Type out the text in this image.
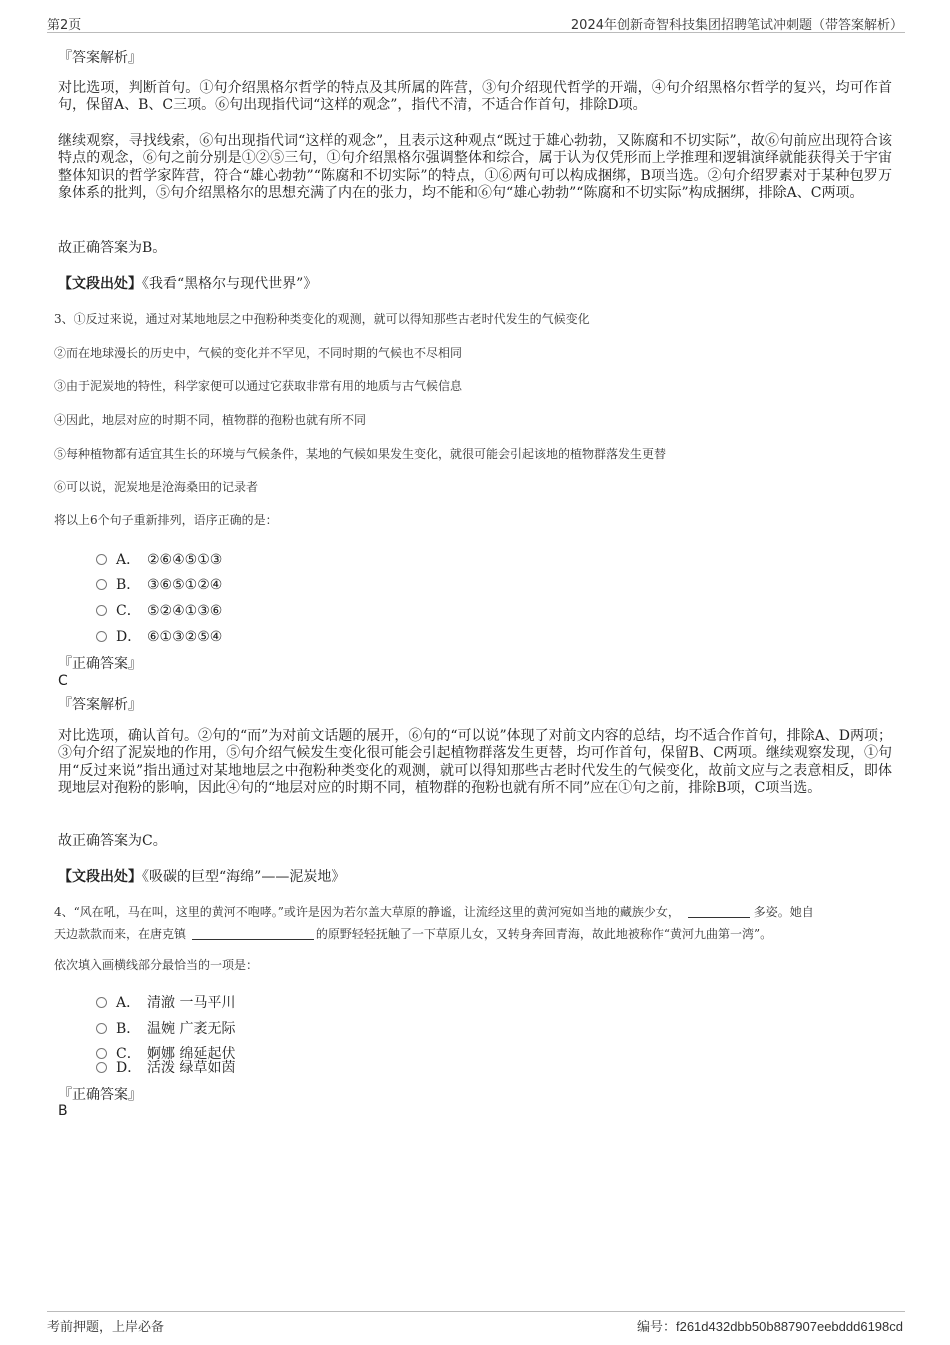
第2页	2024年创新奇智科技集团招聘笔试冲刺题（带答案解析）
『答案解析』
对比选项，判断首句。①句介绍黑格尔哲学的特点及其所属的阵营，③句介绍现代哲学的开端，④句介绍黑格尔哲学的复兴，均可作首句，保留A、B、C三项。⑥句出现指代词“这样的观念”，指代不清，不适合作首句，排除D项。
继续观察，寻找线索，⑥句出现指代词“这样的观念”，且表示这种观点“既过于雄心勃勃，又陈腐和不切实际”，故⑥句前应出现符合该特点的观念，⑥句之前分别是①②⑤三句，①句介绍黑格尔强调整体和综合，属于认为仅凭形而上学推理和逻辑演绎就能获得关于宇宙整体知识的哲学家阵营，符合“雄心勃勃”“陈腐和不切实际”的特点，①⑥两句可以构成捆绑，B项当选。②句介绍罗素对于某种包罗万象体系的批判，⑤句介绍黑格尔的思想充满了内在的张力，均不能和⑥句“雄心勃勃”“陈腐和不切实际”构成捆绑，排除A、C两项。
故正确答案为B。
【文段出处】《我看“黑格尔与现代世界”》
3、①反过来说，通过对某地地层之中孢粉种类变化的观测，就可以得知那些古老时代发生的气候变化
②而在地球漫长的历史中，气候的变化并不罕见，不同时期的气候也不尽相同
③由于泥炭地的特性，科学家便可以通过它获取非常有用的地质与古气候信息
④因此，地层对应的时期不同，植物群的孢粉也就有所不同
⑤每种植物都有适宜其生长的环境与气候条件，某地的气候如果发生变化，就很可能会引起该地的植物群落发生更替
⑥可以说，泥炭地是沧海桑田的记录者
将以上6个句子重新排列，语序正确的是：
A． ②⑥④⑤①③
B． ③⑥⑤①②④
C． ⑤②④①③⑥
D． ⑥①③②⑤④
『正确答案』
C
『答案解析』
对比选项，确认首句。②句的“而”为对前文话题的展开，⑥句的“可以说”体现了对前文内容的总结，均不适合作首句，排除A、D两项；③句介绍了泥炭地的作用，⑤句介绍气候发生变化很可能会引起植物群落发生更替，均可作首句，保留B、C两项。继续观察发现，①句用“反过来说”指出通过对某地地层之中孢粉种类变化的观测，就可以得知那些古老时代发生的气候变化，故前文应与之表意相反，即体现地层对孢粉的影响，因此④句的“地层对应的时期不同，植物群的孢粉也就有所不同”应在①句之前，排除B项，C项当选。
故正确答案为C。
【文段出处】《吸碳的巨型“海绵”——泥炭地》
4、“风在吼，马在叫，这里的黄河不咆哮。”或许是因为若尔盖大草原的静谧，让流经这里的黄河宛如当地的藏族少女，	多姿。她自
天边款款而来，在唐克镇	的原野轻轻抚触了一下草原儿女，又转身奔回青海，故此地被称作“黄河九曲第一湾”。
依次填入画横线部分最恰当的一项是：
A． 清澈 一马平川
B． 温婉 广袤无际
C． 婀娜 绵延起伏
D． 活泼 绿草如茵
『正确答案』
B
考前押题，上岸必备	编号：f261d432dbb50b887907eebddd6198cd
